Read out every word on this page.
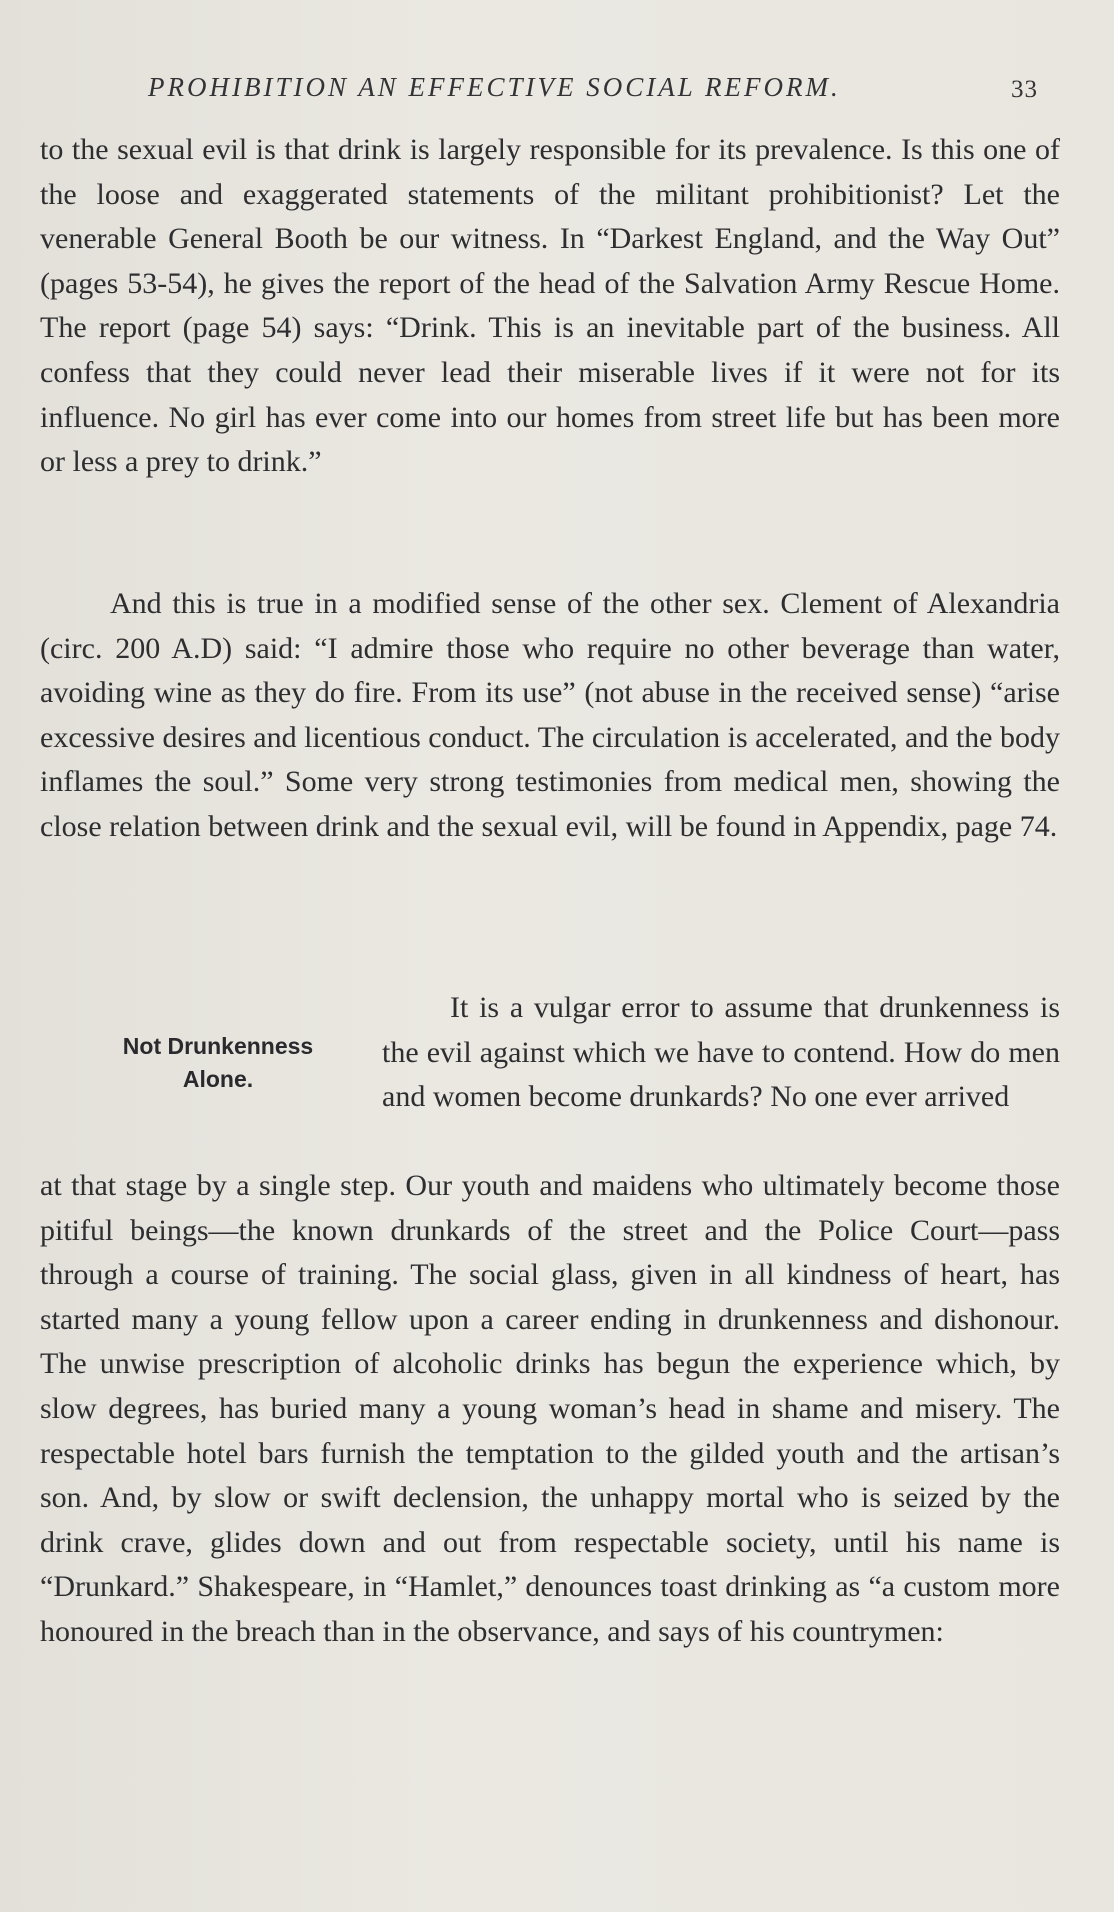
PROHIBITION AN EFFECTIVE SOCIAL REFORM.	33

to the sexual evil is that drink is largely responsible for its prevalence. Is this one of the loose and exaggerated statements of the militant prohibitionist? Let the venerable General Booth be our witness. In “Darkest England, and the Way Out” (pages 53-54), he gives the report of the head of the Salvation Army Rescue Home. The report (page 54) says: “Drink. This is an inevitable part of the business. All confess that they could never lead their miserable lives if it were not for its influence. No girl has ever come into our homes from street life but has been more or less a prey to drink.”

And this is true in a modified sense of the other sex. Clement of Alexandria (circ. 200 A.D) said: “I admire those who require no other beverage than water, avoiding wine as they do fire. From its use” (not abuse in the received sense) “arise excessive desires and licentious conduct. The circulation is accelerated, and the body inflames the soul.” Some very strong testimonies from medical men, showing the close relation between drink and the sexual evil, will be found in Appendix, page 74.

Not Drunkenness Alone.

It is a vulgar error to assume that drunkenness is the evil against which we have to contend. How do men and women become drunkards? No one ever arrived

at that stage by a single step. Our youth and maidens who ultimately become those pitiful beings—the known drunkards of the street and the Police Court—pass through a course of training. The social glass, given in all kindness of heart, has started many a young fellow upon a career ending in drunkenness and dishonour. The unwise prescription of alcoholic drinks has begun the experience which, by slow degrees, has buried many a young woman’s head in shame and misery. The respectable hotel bars furnish the temptation to the gilded youth and the artisan’s son. And, by slow or swift declension, the unhappy mortal who is seized by the drink crave, glides down and out from respectable society, until his name is “Drunkard.” Shakespeare, in “Hamlet,” denounces toast drinking as “a custom more honoured in the breach than in the observance, and says of his countrymen:
